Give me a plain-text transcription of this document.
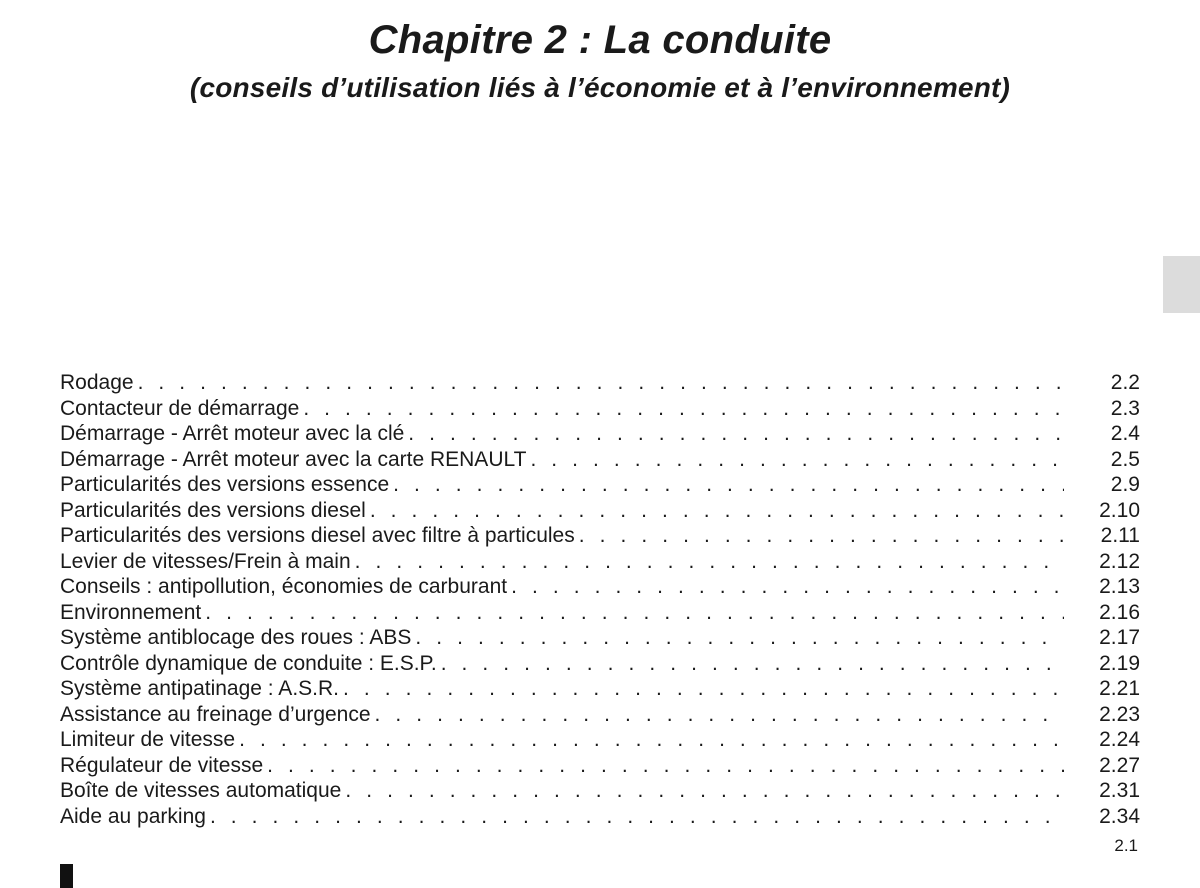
Chapitre 2 : La conduite
(conseils d’utilisation liés à l’économie et à l’environnement)
Rodage . . .	2.2
Contacteur de démarrage . . .	2.3
Démarrage - Arrêt moteur avec la clé . . .	2.4
Démarrage - Arrêt moteur avec la carte RENAULT . . .	2.5
Particularités des versions essence . . .	2.9
Particularités des versions diesel . . .	2.10
Particularités des versions diesel avec filtre à particules . . .	2.11
Levier de vitesses/Frein à main . . .	2.12
Conseils : antipollution, économies de carburant . . .	2.13
Environnement . . .	2.16
Système antiblocage des roues : ABS . . .	2.17
Contrôle dynamique de conduite : E.S.P. . . .	2.19
Système antipatinage : A.S.R. . . .	2.21
Assistance au freinage d’urgence . . .	2.23
Limiteur de vitesse . . .	2.24
Régulateur de vitesse . . .	2.27
Boîte de vitesses automatique . . .	2.31
Aide au parking . . .	2.34
2.1
